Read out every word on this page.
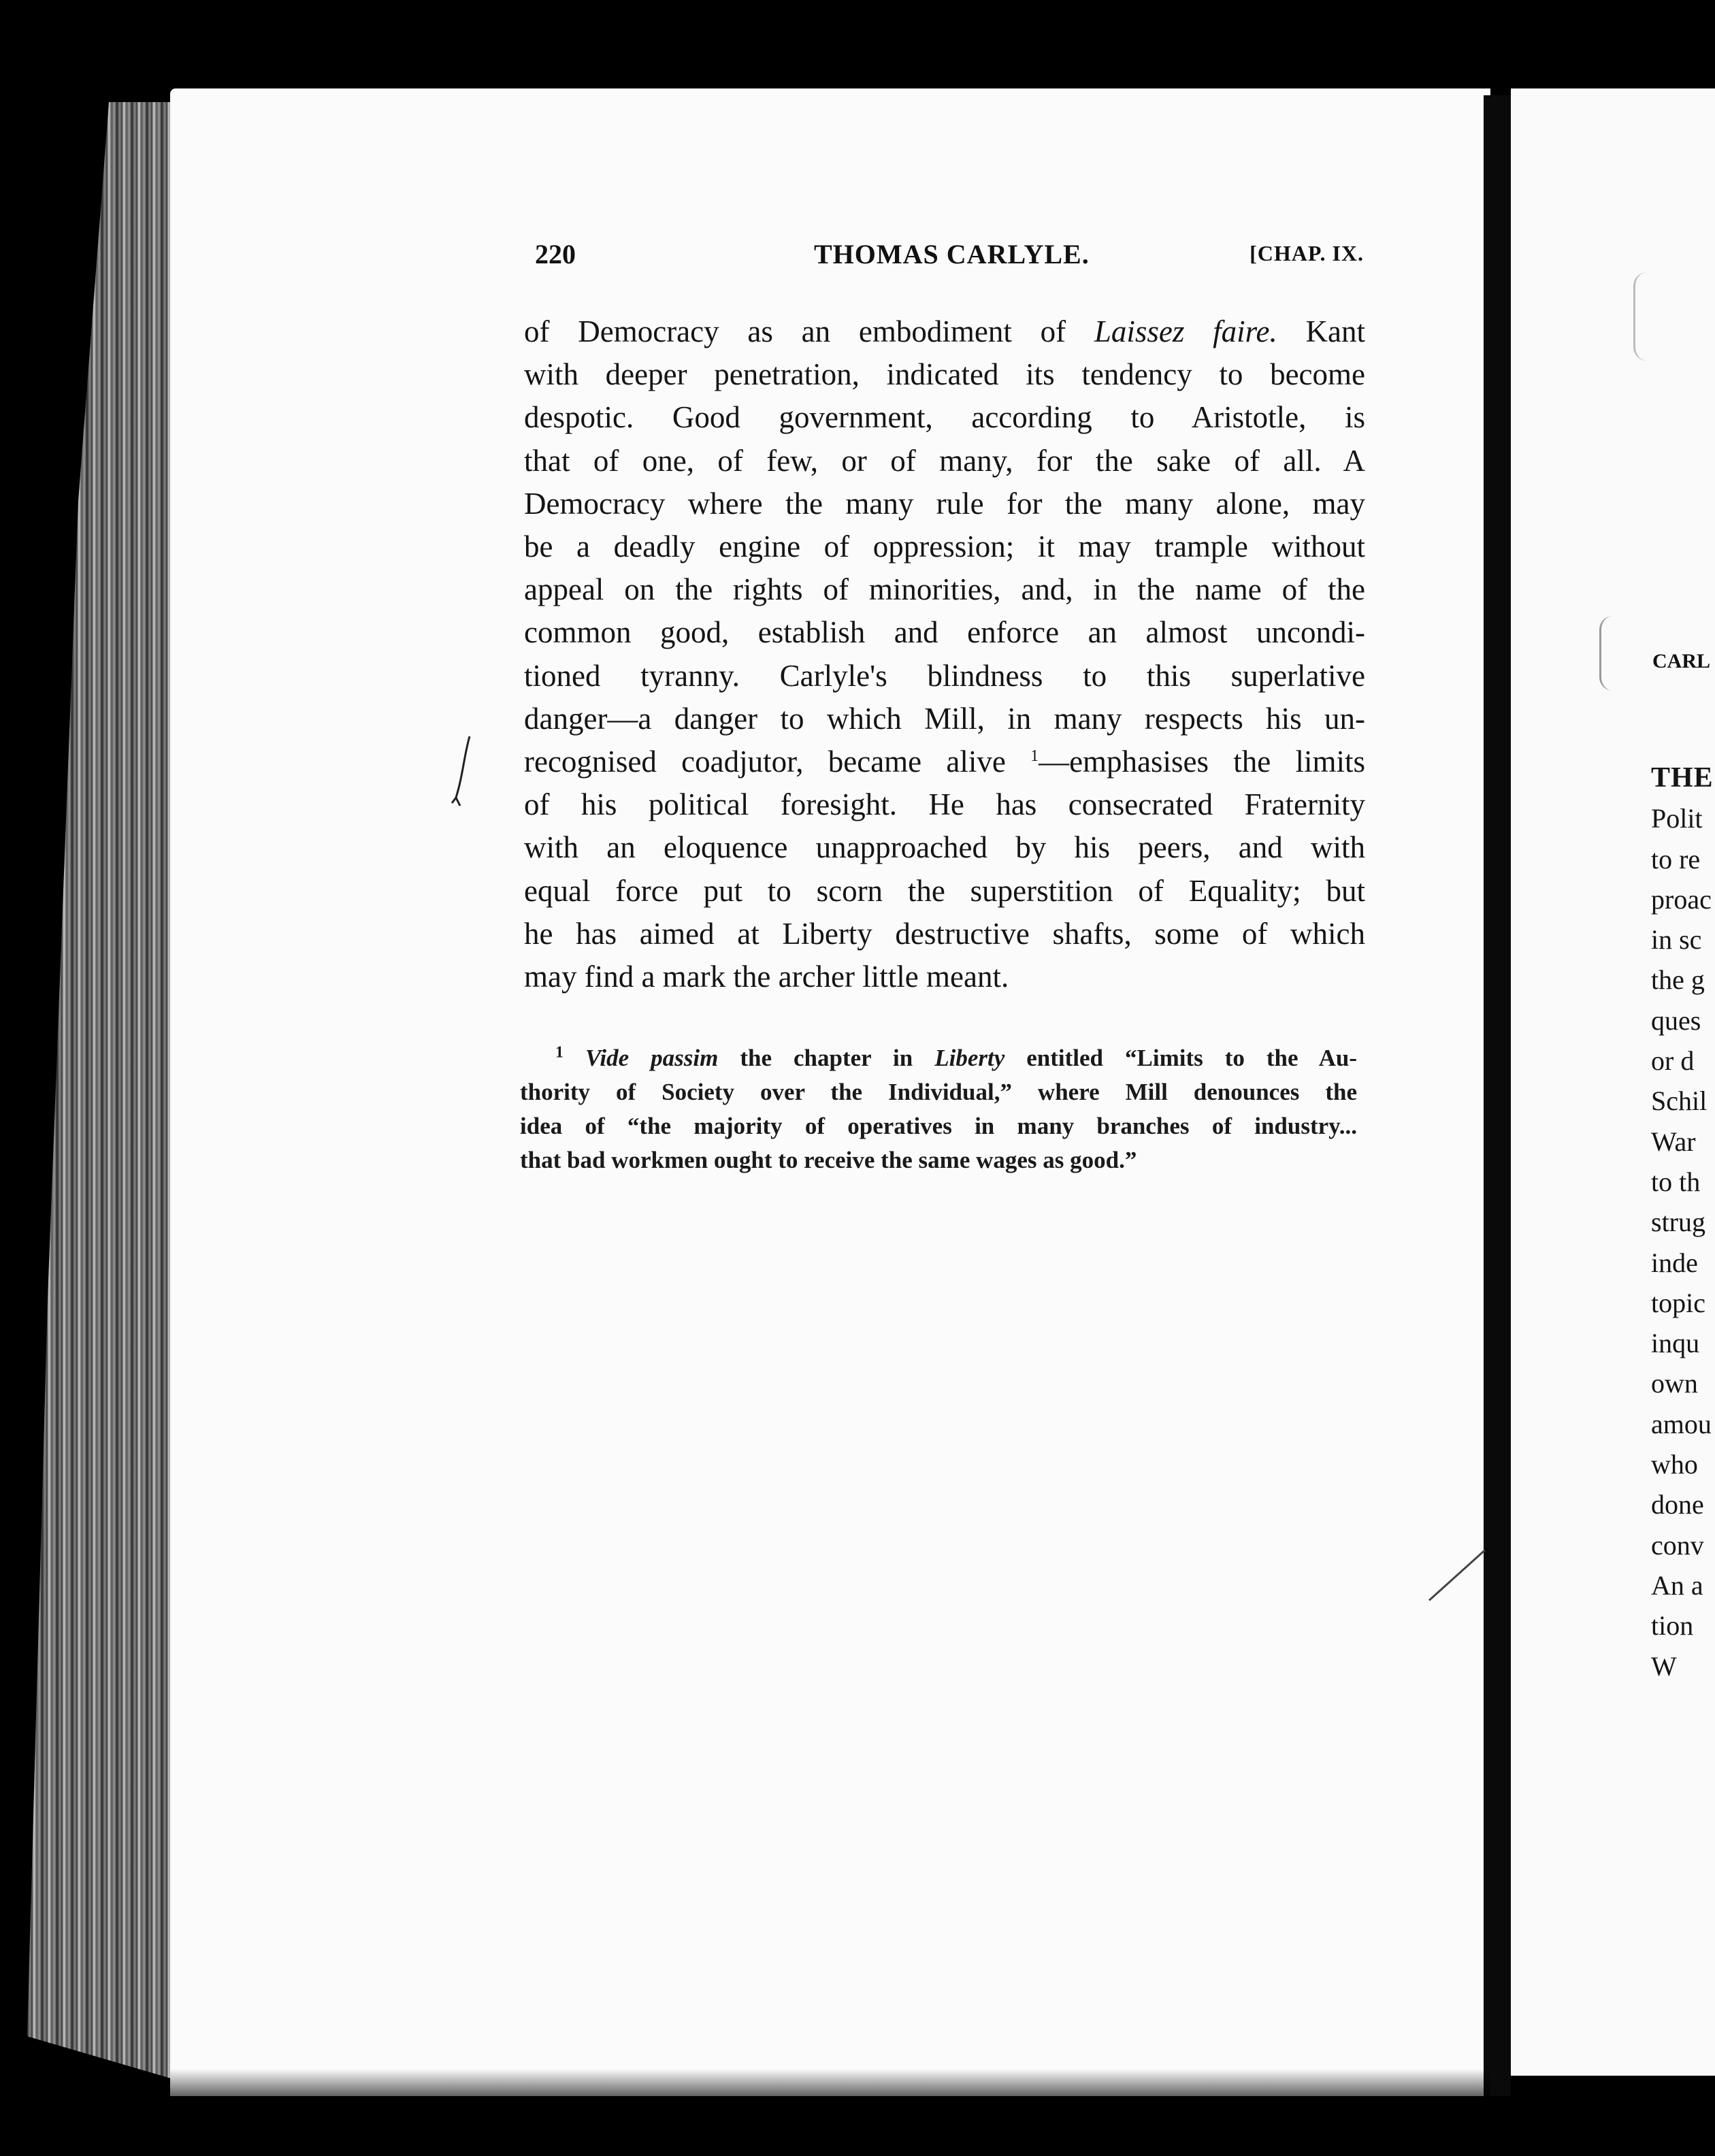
220	THOMAS CARLYLE.	[CHAP. IX.
of Democracy as an embodiment of Laissez faire. Kant
with deeper penetration, indicated its tendency to become
despotic. Good government, according to Aristotle, is
that of one, of few, or of many, for the sake of all. A
Democracy where the many rule for the many alone, may
be a deadly engine of oppression; it may trample without
appeal on the rights of minorities, and, in the name of the
common good, establish and enforce an almost uncondi-
tioned tyranny. Carlyle's blindness to this superlative
danger—a danger to which Mill, in many respects his un-
recognised coadjutor, became alive $^1$—emphasises the limits
of his political foresight. He has consecrated Fraternity
with an eloquence unapproached by his peers, and with
equal force put to scorn the superstition of Equality; but
he has aimed at Liberty destructive shafts, some of which
may find a mark the archer little meant.
$^1$ Vide passim the chapter in Liberty entitled “Limits to the Au-
thority of Society over the Individual,” where Mill denounces the
idea of “the majority of operatives in many branches of industry...
that bad workmen ought to receive the same wages as good.”
CARL
THE
Polit
to re
proac
in sc
the g
ques
or d
Schil
War
to th
strug
inde
topic
inqu
own
amou
who
done
conv
An a
tion
W
